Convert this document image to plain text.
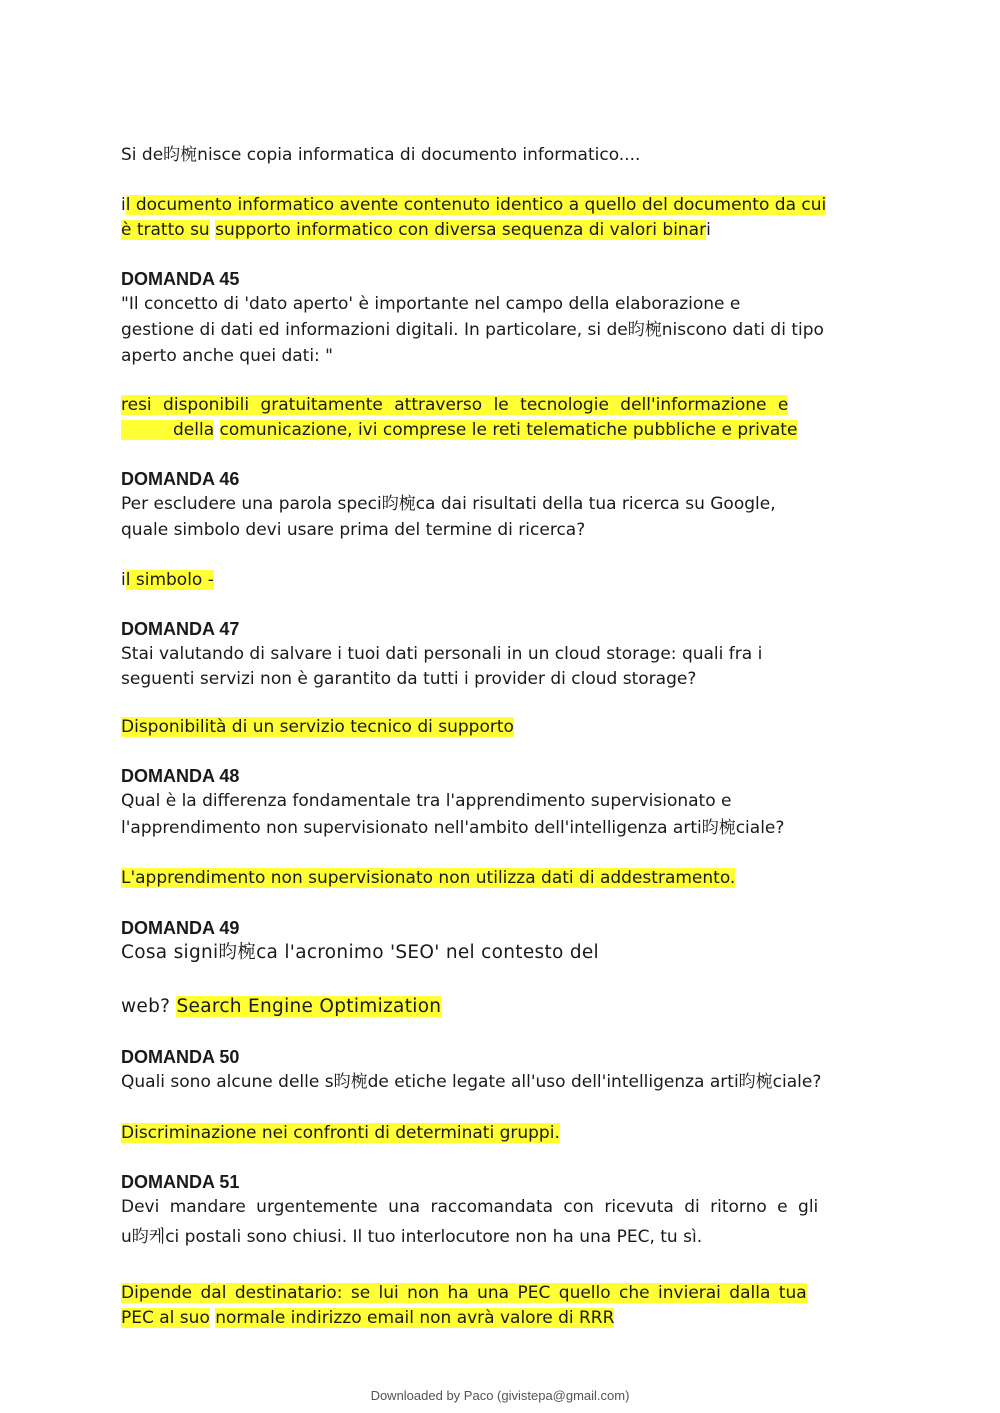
Si de昀椀nisce copia informatica di documento informatico....

il documento informatico avente contenuto identico a quello del documento da cui

è tratto su supporto informatico con diversa sequenza di valori binari

DOMANDA 45

"Il concetto di 'dato aperto' è importante nel campo della elaborazione e

gestione di dati ed informazioni digitali. In particolare, si de昀椀niscono dati di tipo

aperto anche quei dati: "

resi disponibili gratuitamente attraverso le tecnologie dell'informazione e

della comunicazione, ivi comprese le reti telematiche pubbliche e private

DOMANDA 46

Per escludere una parola speci昀椀ca dai risultati della tua ricerca su Google,

quale simbolo devi usare prima del termine di ricerca?

il simbolo -

DOMANDA 47

Stai valutando di salvare i tuoi dati personali in un cloud storage: quali fra i

seguenti servizi non è garantito da tutti i provider di cloud storage?

Disponibilità di un servizio tecnico di supporto

DOMANDA 48

Qual è la differenza fondamentale tra l'apprendimento supervisionato e

l'apprendimento non supervisionato nell'ambito dell'intelligenza arti昀椀ciale?

L'apprendimento non supervisionato non utilizza dati di addestramento.

DOMANDA 49

Cosa signi昀椀ca l'acronimo 'SEO' nel contesto del

web? Search Engine Optimization

DOMANDA 50

Quali sono alcune delle s昀椀de etiche legate all'uso dell'intelligenza arti昀椀ciale?

Discriminazione nei confronti di determinati gruppi.

DOMANDA 51

Devi mandare urgentemente una raccomandata con ricevuta di ritorno e gli

u昀케ci postali sono chiusi. Il tuo interlocutore non ha una PEC, tu sì.

Dipende dal destinatario: se lui non ha una PEC quello che invierai dalla tua

PEC al suo normale indirizzo email non avrà valore di RRR

Downloaded by Paco (givistepa@gmail.com)
